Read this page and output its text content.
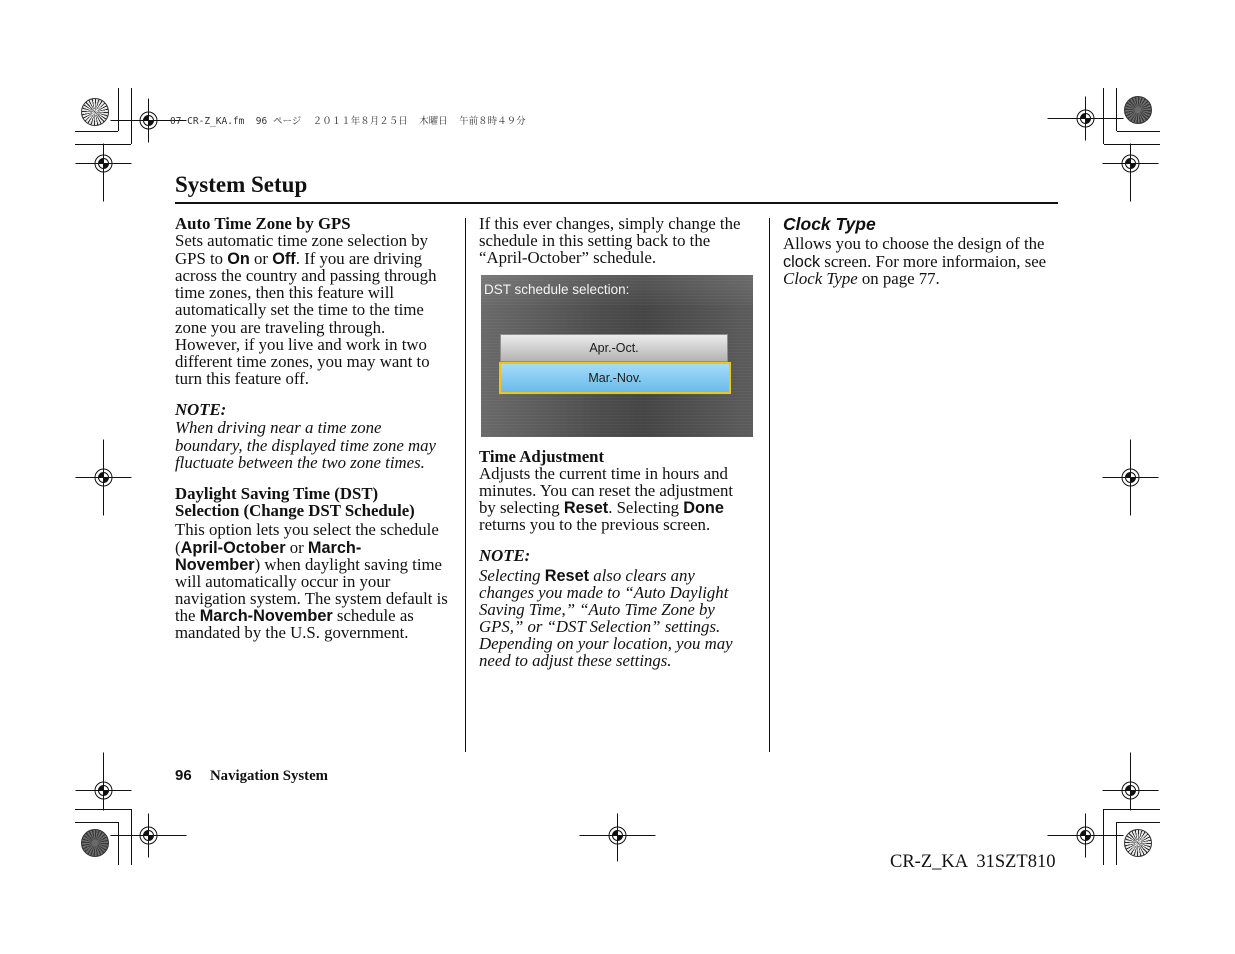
07 CR-Z_KA.fm  96 ページ  ２０１１年８月２５日  木曜日  午前８時４９分
System Setup
Auto Time Zone by GPS
Sets automatic time zone selection by
GPS to On or Off. If you are driving
across the country and passing through
time zones, then this feature will
automatically set the time to the time
zone you are traveling through.
However, if you live and work in two
different time zones, you may want to
turn this feature off.
NOTE:
When driving near a time zone
boundary, the displayed time zone may
fluctuate between the two zone times.
Daylight Saving Time (DST)
Selection (Change DST Schedule)
This option lets you select the schedule
(April-October or March-
November) when daylight saving time
will automatically occur in your
navigation system. The system default is
the March-November schedule as
mandated by the U.S. government.
If this ever changes, simply change the
schedule in this setting back to the
“April-October” schedule.
DST schedule selection:
Apr.-Oct.
Mar.-Nov.
Time Adjustment
Adjusts the current time in hours and
minutes. You can reset the adjustment
by selecting Reset. Selecting Done
returns you to the previous screen.
NOTE:
Selecting Reset also clears any
changes you made to “Auto Daylight
Saving Time,” “Auto Time Zone by
GPS,” or “DST Selection” settings.
Depending on your location, you may
need to adjust these settings.
Clock Type
Allows you to choose the design of the
clock screen. For more informaion, see
Clock Type on page 77.
96 Navigation System
CR-Z_KA  31SZT810
